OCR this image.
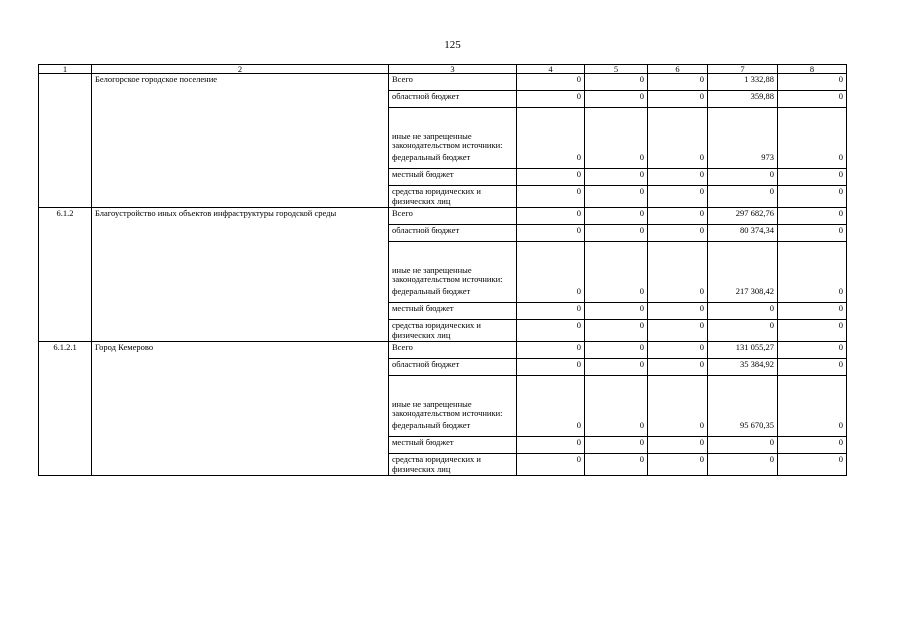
125
1	2	3	4	5	6	7	8
	Белогорское городское поселение	Всего	0	0	0	1 332,88	0
		областной бюджет	0	0	0	359,88	0
		иные не запрещенные законодательством источники:					
		федеральный бюджет	0	0	0	973	0
		местный бюджет	0	0	0	0	0
		средства юридических и физических лиц	0	0	0	0	0
6.1.2	Благоустройство иных объектов инфраструктуры городской среды	Всего	0	0	0	297 682,76	0
		областной бюджет	0	0	0	80 374,34	0
		иные не запрещенные законодательством источники:					
		федеральный бюджет	0	0	0	217 308,42	0
		местный бюджет	0	0	0	0	0
		средства юридических и физических лиц	0	0	0	0	0
6.1.2.1	Город Кемерово	Всего	0	0	0	131 055,27	0
		областной бюджет	0	0	0	35 384,92	0
		иные не запрещенные законодательством источники:					
		федеральный бюджет	0	0	0	95 670,35	0
		местный бюджет	0	0	0	0	0
		средства юридических и физических лиц	0	0	0	0	0
